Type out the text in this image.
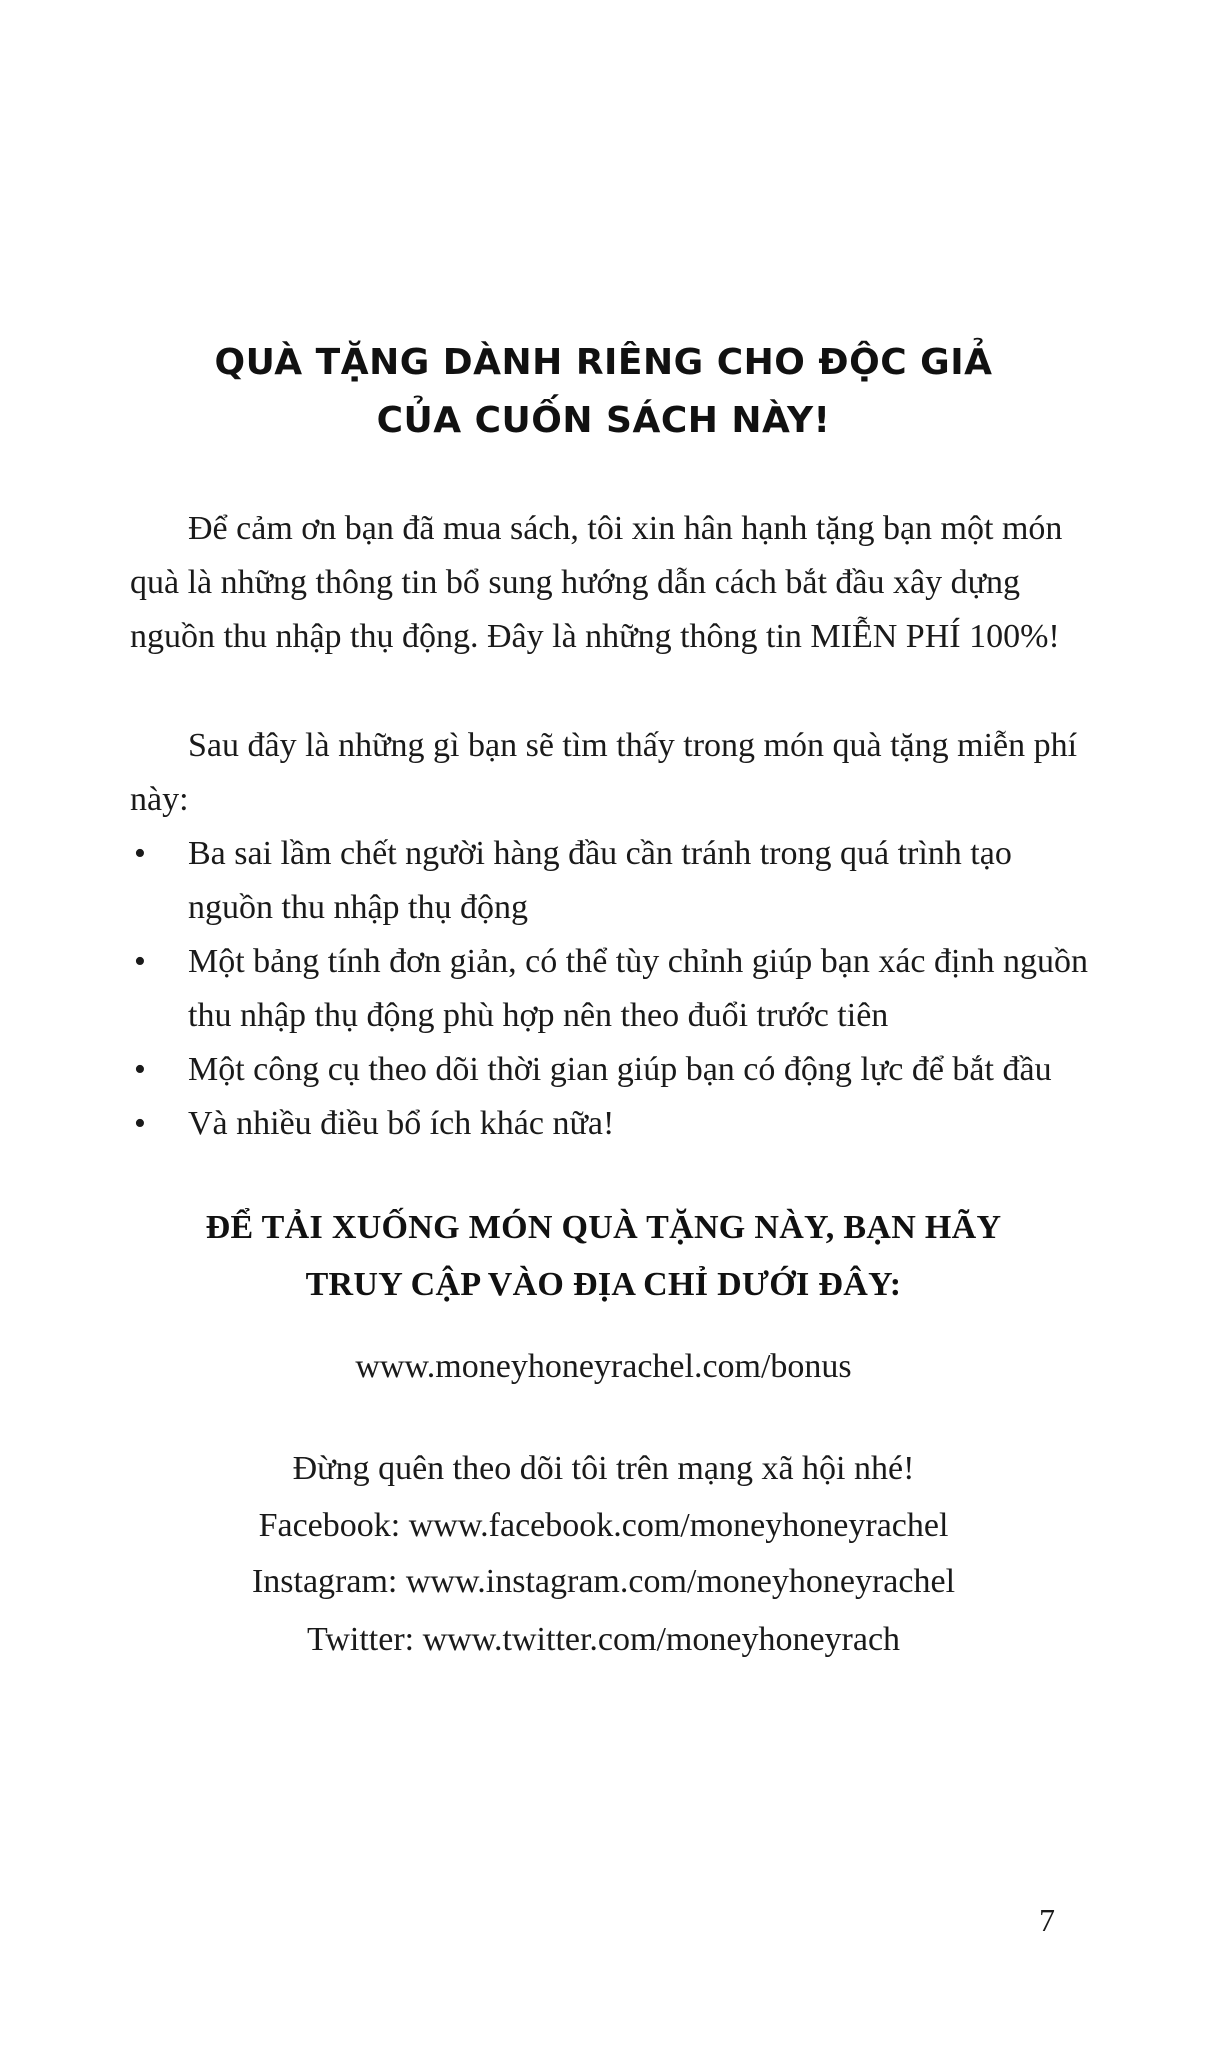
QUÀ TẶNG DÀNH RIÊNG CHO ĐỘC GIẢ
CỦA CUỐN SÁCH NÀY!

Để cảm ơn bạn đã mua sách, tôi xin hân hạnh tặng bạn một món quà là những thông tin bổ sung hướng dẫn cách bắt đầu xây dựng nguồn thu nhập thụ động. Đây là những thông tin MIỄN PHÍ 100%!

Sau đây là những gì bạn sẽ tìm thấy trong món quà tặng miễn phí này:

• Ba sai lầm chết người hàng đầu cần tránh trong quá trình tạo nguồn thu nhập thụ động
• Một bảng tính đơn giản, có thể tùy chỉnh giúp bạn xác định nguồn thu nhập thụ động phù hợp nên theo đuổi trước tiên
• Một công cụ theo dõi thời gian giúp bạn có động lực để bắt đầu
• Và nhiều điều bổ ích khác nữa!

ĐỂ TẢI XUỐNG MÓN QUÀ TẶNG NÀY, BẠN HÃY

TRUY CẬP VÀO ĐỊA CHỈ DƯỚI ĐÂY:

www.moneyhoneyrachel.com/bonus

Đừng quên theo dõi tôi trên mạng xã hội nhé!

Facebook: www.facebook.com/moneyhoneyrachel

Instagram: www.instagram.com/moneyhoneyrachel

Twitter: www.twitter.com/moneyhoneyrach

7
